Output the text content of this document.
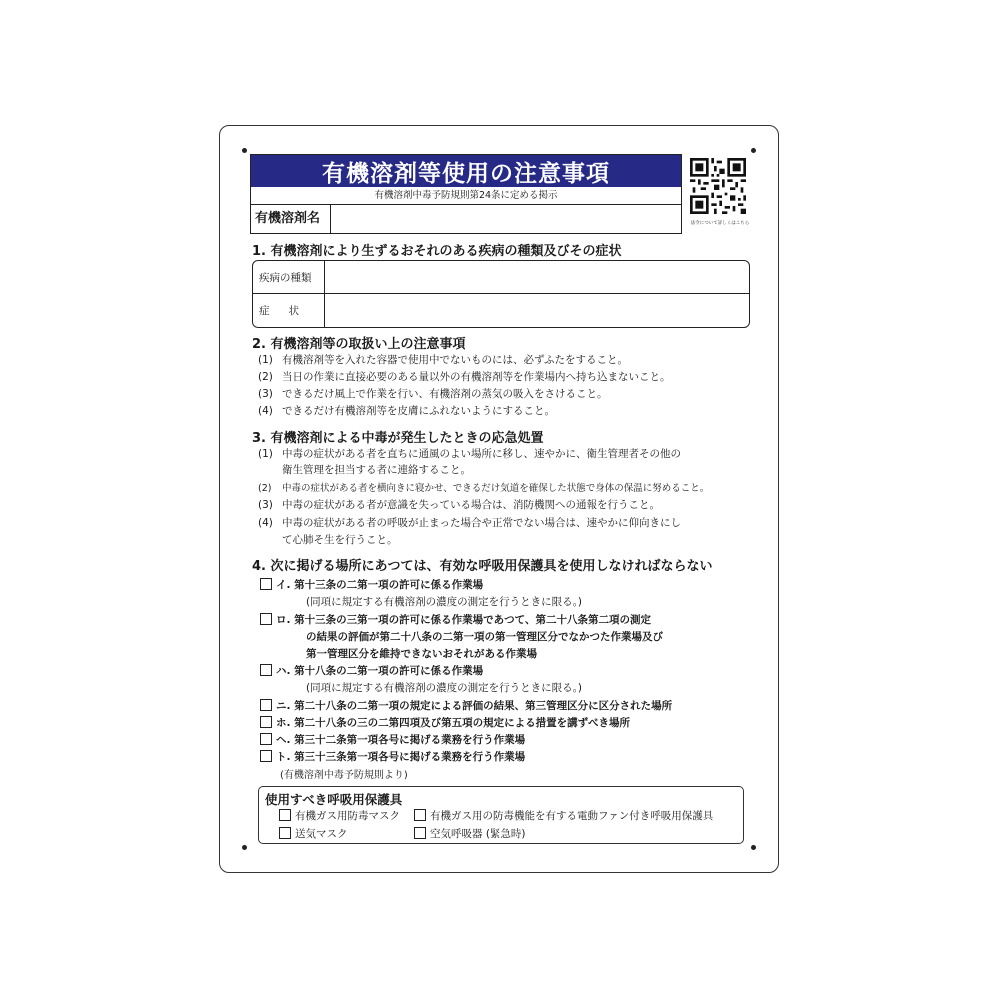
有機溶剤等使用の注意事項
有機溶剤中毒予防規則第24条に定める掲示
有機溶剤名	法令について詳しくはこちら
1. 有機溶剤により生ずるおそれのある疾病の種類及びその症状
疾病の種類
症状
2. 有機溶剤等の取扱い上の注意事項
(1) 有機溶剤等を入れた容器で使用中でないものには、必ずふたをすること。
(2) 当日の作業に直接必要のある量以外の有機溶剤等を作業場内へ持ち込まないこと。
(3) できるだけ風上で作業を行い、有機溶剤の蒸気の吸入をさけること。
(4) できるだけ有機溶剤等を皮膚にふれないようにすること。
3. 有機溶剤による中毒が発生したときの応急処置
(1) 中毒の症状がある者を直ちに通風のよい場所に移し、速やかに、衛生管理者その他の
衛生管理を担当する者に連絡すること。
(2) 中毒の症状がある者を横向きに寝かせ、できるだけ気道を確保した状態で身体の保温に努めること。
(3) 中毒の症状がある者が意識を失っている場合は、消防機関への通報を行うこと。
(4) 中毒の症状がある者の呼吸が止まった場合や正常でない場合は、速やかに仰向きにし
て心肺そ生を行うこと。
4. 次に掲げる場所にあつては、有効な呼吸用保護具を使用しなければならない
イ. 第十三条の二第一項の許可に係る作業場
(同項に規定する有機溶剤の濃度の測定を行うときに限る。)
ロ. 第十三条の三第一項の許可に係る作業場であつて、第二十八条第二項の測定
の結果の評価が第二十八条の二第一項の第一管理区分でなかつた作業場及び
第一管理区分を維持できないおそれがある作業場
ハ. 第十八条の二第一項の許可に係る作業場
(同項に規定する有機溶剤の濃度の測定を行うときに限る。)
ニ. 第二十八条の二第一項の規定による評価の結果、第三管理区分に区分された場所
ホ. 第二十八条の三の二第四項及び第五項の規定による措置を講ずべき場所
ヘ. 第三十二条第一項各号に掲げる業務を行う作業場
ト. 第三十三条第一項各号に掲げる業務を行う作業場
(有機溶剤中毒予防規則より)
使用すべき呼吸用保護具
有機ガス用防毒マスク	有機ガス用の防毒機能を有する電動ファン付き呼吸用保護具
送気マスク	空気呼吸器 (緊急時)
